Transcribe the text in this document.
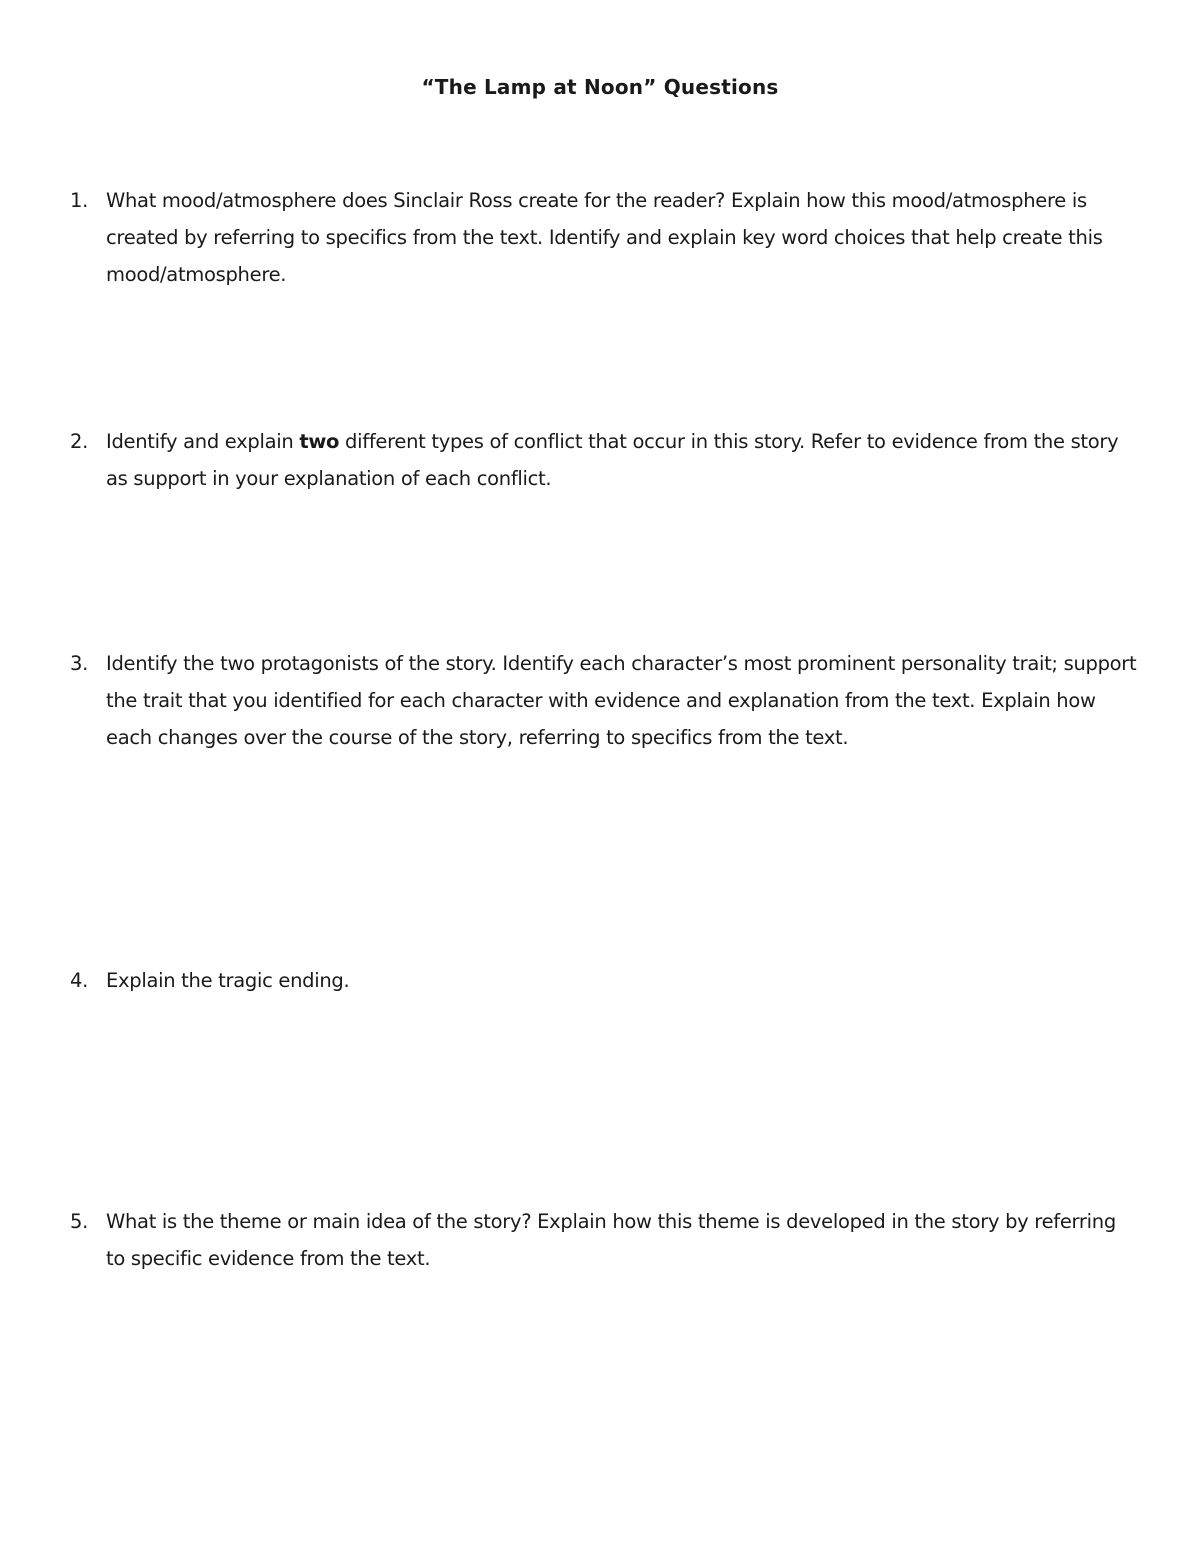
“The Lamp at Noon” Questions
1. What mood/atmosphere does Sinclair Ross create for the reader? Explain how this mood/atmosphere is created by referring to specifics from the text. Identify and explain key word choices that help create this mood/atmosphere.
2. Identify and explain two different types of conflict that occur in this story. Refer to evidence from the story as support in your explanation of each conflict.
3. Identify the two protagonists of the story. Identify each character’s most prominent personality trait; support the trait that you identified for each character with evidence and explanation from the text. Explain how each changes over the course of the story, referring to specifics from the text.
4. Explain the tragic ending.
5. What is the theme or main idea of the story? Explain how this theme is developed in the story by referring to specific evidence from the text.
